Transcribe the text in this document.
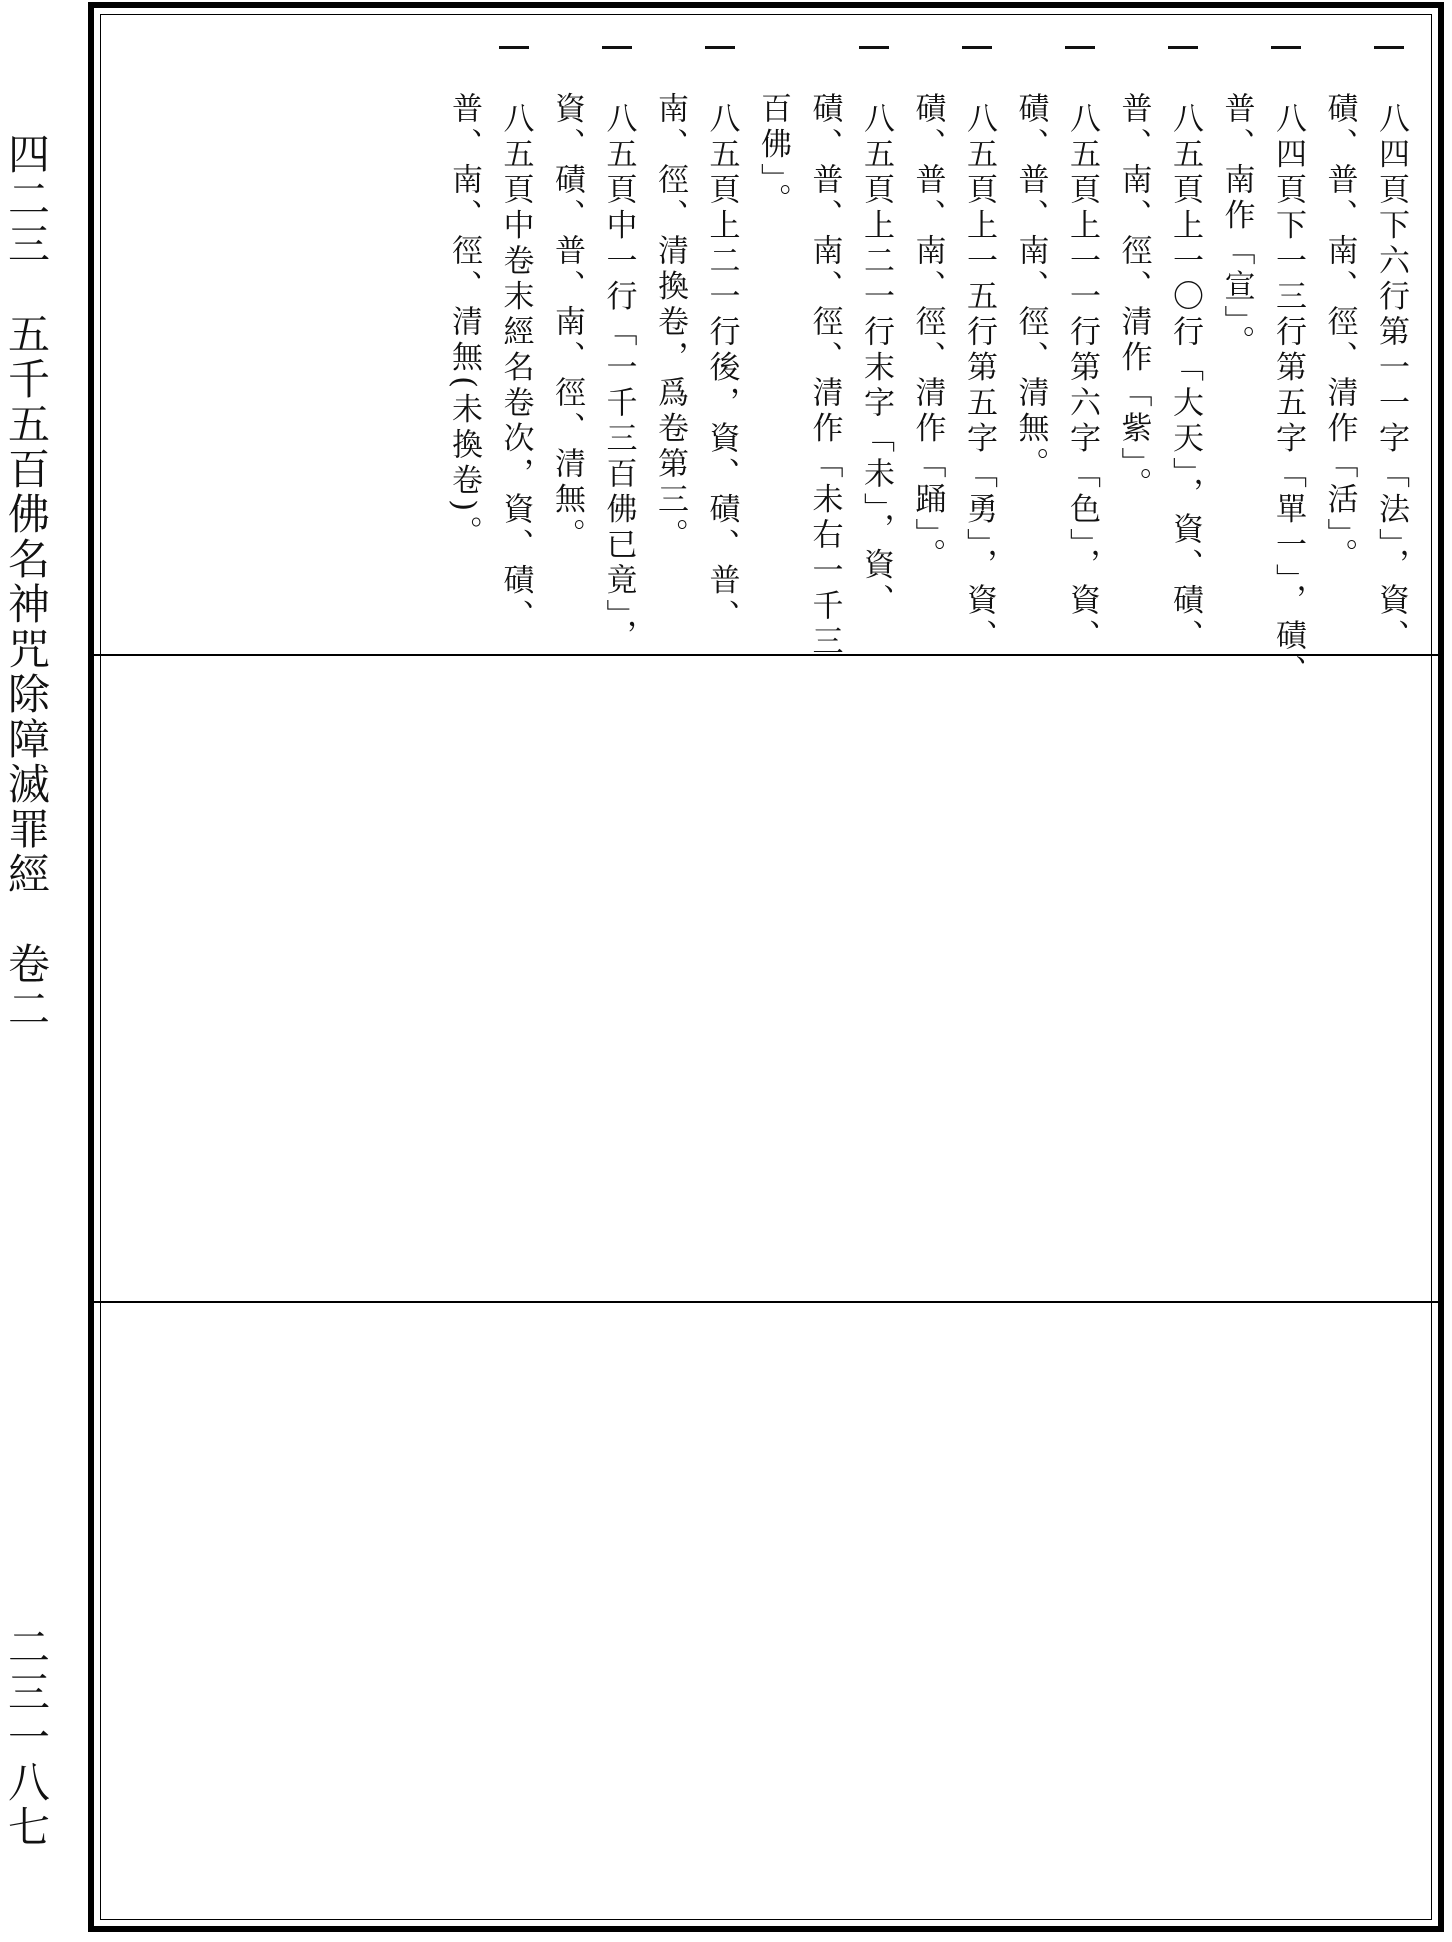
四二三　五千五百佛名神咒除障滅罪經　卷二
二三一八七
八四頁下六行第一一字「法」，資、
磧、普、南、徑、清作「活」。
八四頁下一三行第五字「單一」，磧、
普、南作「宣」。
八五頁上一〇行「大天」，資、磧、
普、南、徑、清作「紫」。
八五頁上一一行第六字「色」，資、
磧、普、南、徑、清無。
八五頁上一五行第五字「勇」，資、
磧、普、南、徑、清作「踊」。
八五頁上二一行末字「未」，資、
磧、普、南、徑、清作「未右一千三
百佛」。
八五頁上二一行後，資、磧、普、
南、徑、清換卷，爲卷第三。
八五頁中一行「一千三百佛已竟」，
資、磧、普、南、徑、清無。
八五頁中卷末經名卷次，資、磧、
普、南、徑、清無(未換卷)。
